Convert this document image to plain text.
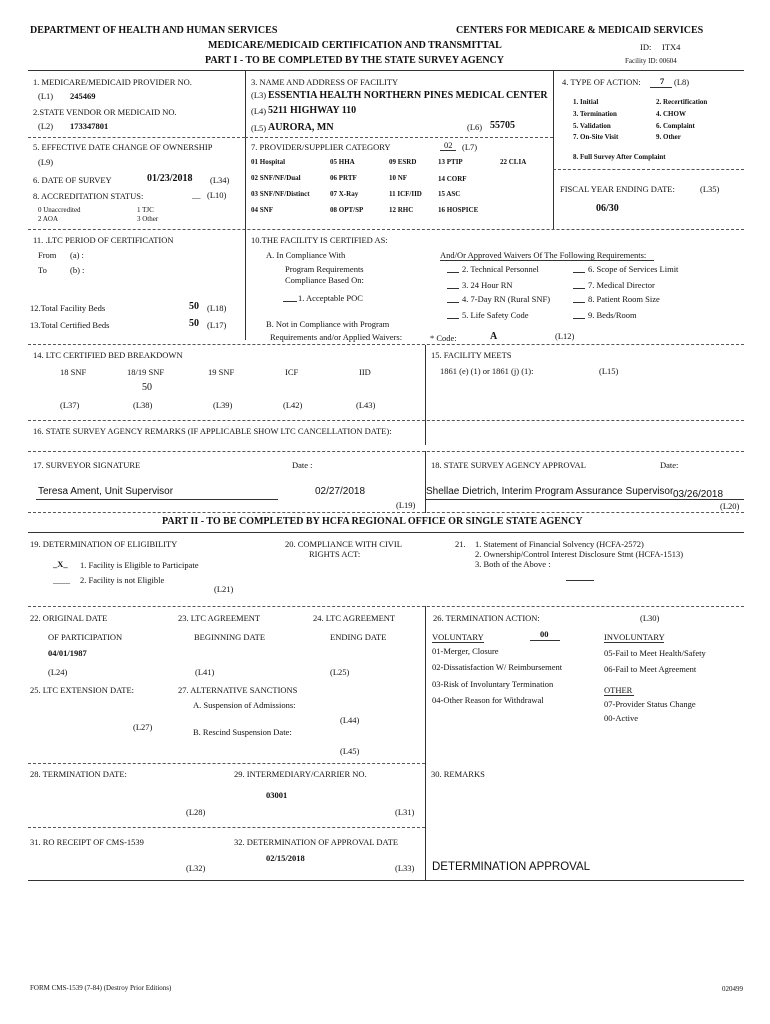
DEPARTMENT OF HEALTH AND HUMAN SERVICES	CENTERS FOR MEDICARE & MEDICAID SERVICES
MEDICARE/MEDICAID CERTIFICATION AND TRANSMITTAL	ID: ITX4
PART I - TO BE COMPLETED BY THE STATE SURVEY AGENCY	Facility ID: 00604
1. MEDICARE/MEDICAID PROVIDER NO.
(L1) 245469
2.STATE VENDOR OR MEDICAID NO.
(L2) 173347801
3. NAME AND ADDRESS OF FACILITY
(L3) ESSENTIA HEALTH NORTHERN PINES MEDICAL CENTER
(L4) 5211 HIGHWAY 110
(L5) AURORA, MN	(L6) 55705
4. TYPE OF ACTION: 7 (L8)
1. Initial	2. Recertification
3. Termination	4. CHOW
5. Validation	6. Complaint
7. On-Site Visit	9. Other
8. Full Survey After Complaint
5. EFFECTIVE DATE CHANGE OF OWNERSHIP
(L9)
6. DATE OF SURVEY	01/23/2018 (L34)
8. ACCREDITATION STATUS:	__ (L10)
0 Unaccredited	1 TJC
2 AOA	3 Other
7. PROVIDER/SUPPLIER CATEGORY	02 (L7)
01 Hospital	05 HHA	09 ESRD	13 PTIP	22 CLIA
02 SNF/NF/Dual	06 PRTF	10 NF	14 CORF
03 SNF/NF/Distinct	07 X-Ray	11 ICF/IID 15 ASC
04 SNF	08 OPT/SP	12 RHC	16 HOSPICE
FISCAL YEAR ENDING DATE:	(L35)
06/30
11. .LTC PERIOD OF CERTIFICATION
From (a) :
To	(b) :
12.Total Facility Beds	50 (L18)
13.Total Certified Beds	50 (L17)
10.THE FACILITY IS CERTIFIED AS:
A. In Compliance With
Program Requirements
Compliance Based On:
1. Acceptable POC
B. Not in Compliance with Program
Requirements and/or Applied Waivers:	* Code:	A	(L12)
And/Or Approved Waivers Of The Following Requirements:
2. Technical Personnel
3. 24 Hour RN
4. 7-Day RN (Rural SNF)
5. Life Safety Code
6. Scope of Services Limit
7. Medical Director
8. Patient Room Size
9. Beds/Room
14. LTC CERTIFIED BED BREAKDOWN
18 SNF	18/19 SNF	19 SNF	ICF	IID
50
(L37)	(L38)	(L39)	(L42)	(L43)
15. FACILITY MEETS
1861 (e) (1) or 1861 (j) (1):	(L15)
16. STATE SURVEY AGENCY REMARKS (IF APPLICABLE SHOW LTC CANCELLATION DATE):
17. SURVEYOR SIGNATURE	Date :
Teresa Ament, Unit Supervisor	02/27/2018
(L19)
18. STATE SURVEY AGENCY APPROVAL	Date:
Shellae Dietrich, Interim Program Assurance Supervisor 03/26/2018
(L20)
PART II - TO BE COMPLETED BY HCFA REGIONAL OFFICE OR SINGLE STATE AGENCY
19. DETERMINATION OF ELIGIBILITY
_X_ 1. Facility is Eligible to Participate
____ 2. Facility is not Eligible
(L21)
20. COMPLIANCE WITH CIVIL
RIGHTS ACT:
21. 1. Statement of Financial Solvency (HCFA-2572)
2. Ownership/Control Interest Disclosure Stmt (HCFA-1513)
3. Both of the Above :
22. ORIGINAL DATE
OF PARTICIPATION
04/01/1987
(L24)
23. LTC AGREEMENT
BEGINNING DATE
(L41)
24. LTC AGREEMENT
ENDING DATE
(L25)
25. LTC EXTENSION DATE:
(L27)
27. ALTERNATIVE SANCTIONS
A. Suspension of Admissions:
(L44)
B. Rescind Suspension Date:
(L45)
26. TERMINATION ACTION:	(L30)
VOLUNTARY	00	INVOLUNTARY
01-Merger, Closure
02-Dissatisfaction W/ Reimbursement
03-Risk of Involuntary Termination
04-Other Reason for Withdrawal
05-Fail to Meet Health/Safety
06-Fail to Meet Agreement
OTHER
07-Provider Status Change
00-Active
28. TERMINATION DATE:
(L28)
29. INTERMEDIARY/CARRIER NO.
03001
(L31)
30. REMARKS
31. RO RECEIPT OF CMS-1539
(L32)
32. DETERMINATION OF APPROVAL DATE
02/15/2018
(L33) DETERMINATION APPROVAL
FORM CMS-1539 (7-84) (Destroy Prior Editions)	020499
